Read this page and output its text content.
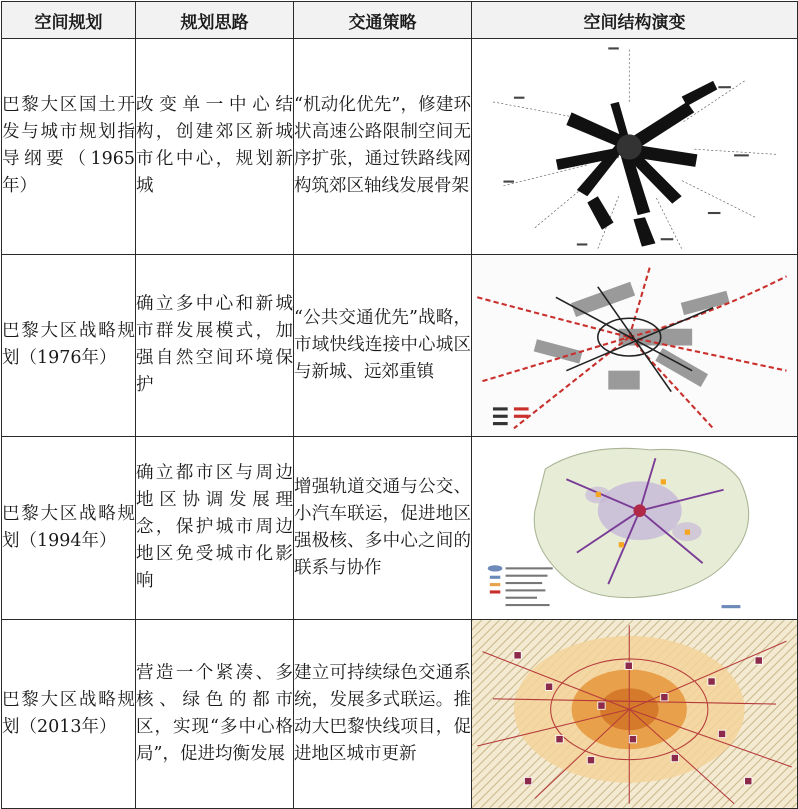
空间规划	规划思路	交通策略	空间结构演变
巴黎大区国土开发与城市规划指导纲要（1965年）	改变单一中心结构，创建郊区新城市化中心，规划新城	“机动化优先”，修建环状高速公路限制空间无序扩张，通过铁路线网构筑郊区轴线发展骨架	

巴黎大区战略规划（1976年）	确立多中心和新城市群发展模式，加强自然空间环境保护	“公共交通优先”战略，市域快线连接中心城区与新城、远郊重镇	

巴黎大区战略规划（1994年）	确立都市区与周边地区协调发展理念，保护城市周边地区免受城市化影响	增强轨道交通与公交、小汽车联运，促进地区强极核、多中心之间的联系与协作	

巴黎大区战略规划（2013年）	营造一个紧凑、多核、绿色的都市区，实现“多中心格局”，促进均衡发展	建立可持续绿色交通系统，发展多式联运。推动大巴黎快线项目，促进地区城市更新	
